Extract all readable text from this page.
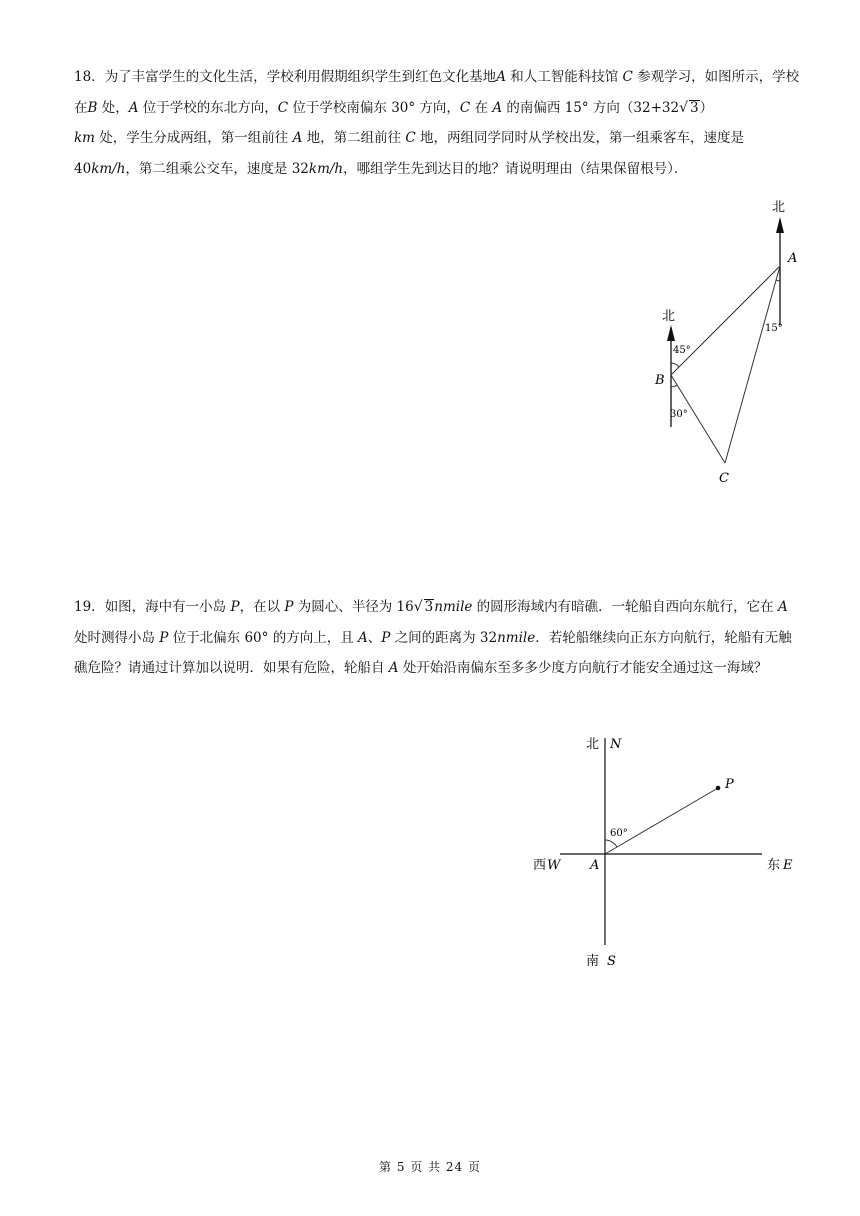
18．为了丰富学生的文化生活，学校利用假期组织学生到红色文化基地A 和人工智能科技馆 C 参观学习，如图所示，学校在B 处，A 位于学校的东北方向，C 位于学校南偏东 30° 方向，C 在 A 的南偏西 15° 方向（32+32√ 3）
km 处，学生分成两组，第一组前往 A 地，第二组前往 C 地，两组同学同时从学校出发，第一组乘客车，速度是 40km/h，第二组乘公交车，速度是 32km/h，哪组学生先到达目的地？请说明理由（结果保留根号）．
北
北
A
B
C
45°
30°
15°
19．如图，海中有一小岛 P，在以 P 为圆心、半径为 16√ 3nmile 的圆形海域内有暗礁．一轮船自西向东航行，它在 A 处时测得小岛 P 位于北偏东 60° 的方向上，且 A、P 之间的距离为 32nmile．若轮船继续向正东方向航行，轮船有无触礁危险？请通过计算加以说明．如果有危险，轮船自 A 处开始沿南偏东至多多少度方向航行才能安全通过这一海域？
北 N
南 S
西 W	东 E
A
P
60°
第 5 页 共 24 页
